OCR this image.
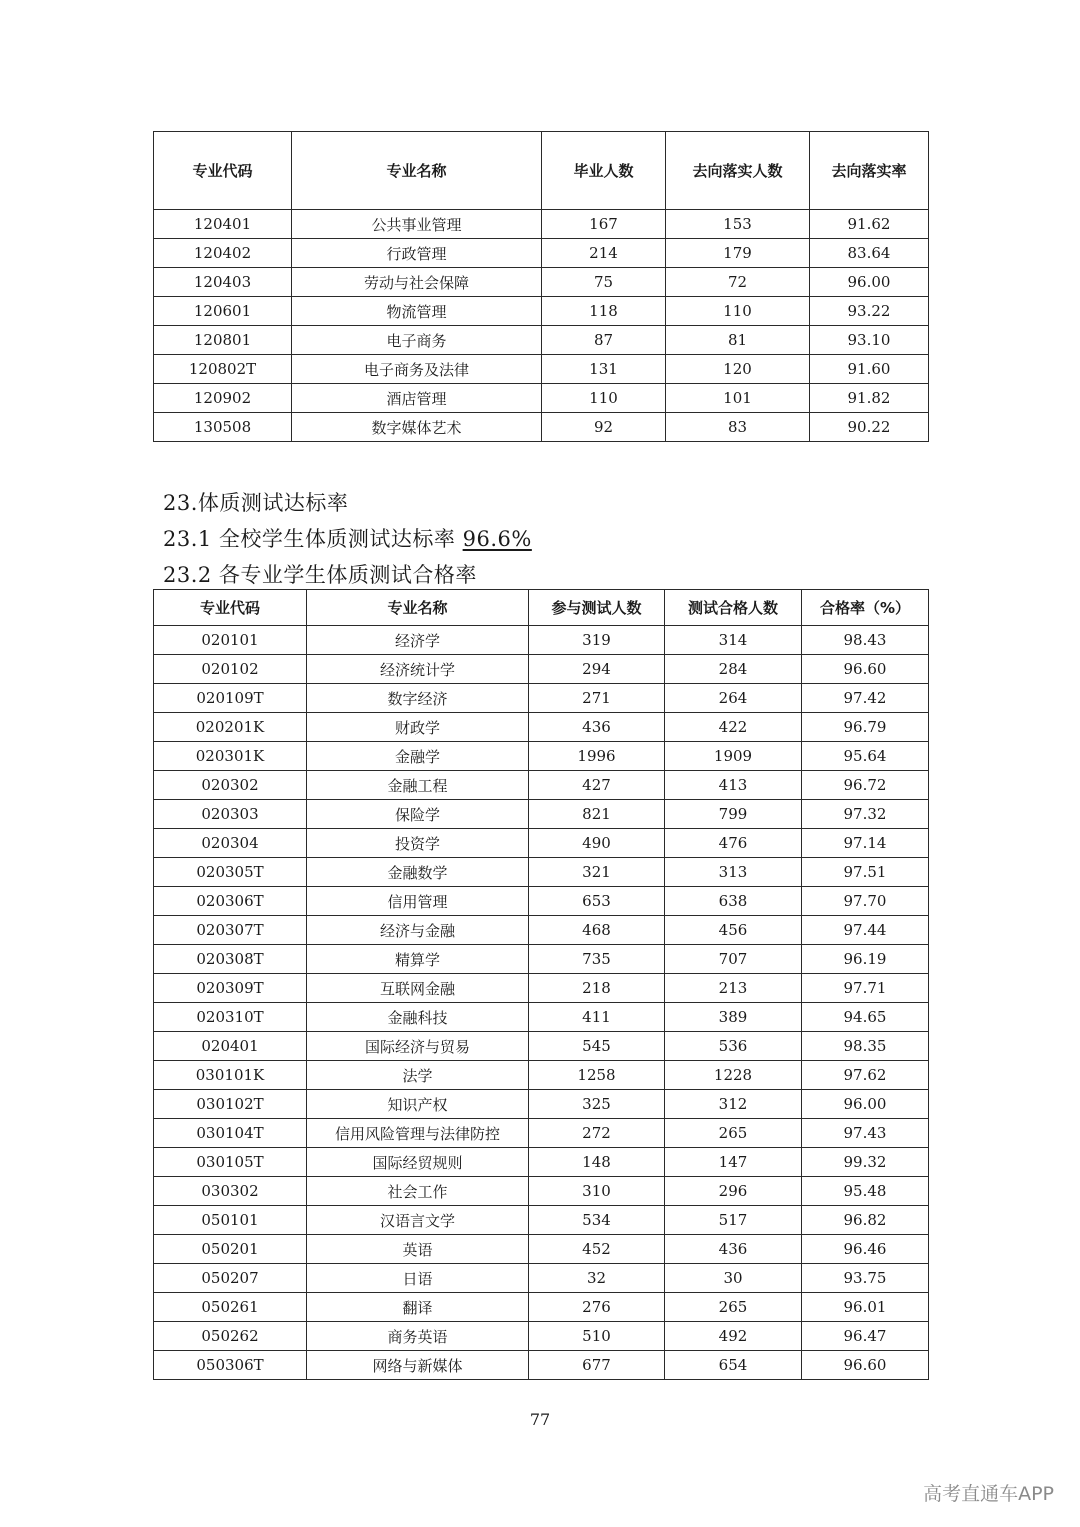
专业代码	专业名称	毕业人数	去向落实人数	去向落实率
120401	公共事业管理	167	153	91.62
120402	行政管理	214	179	83.64
120403	劳动与社会保障	75	72	96.00
120601	物流管理	118	110	93.22
120801	电子商务	87	81	93.10
120802T	电子商务及法律	131	120	91.60
120902	酒店管理	110	101	91.82
130508	数字媒体艺术	92	83	90.22
23.体质测试达标率
23.1 全校学生体质测试达标率 96.6%
23.2 各专业学生体质测试合格率
专业代码	专业名称	参与测试人数	测试合格人数	合格率（%）
020101	经济学	319	314	98.43
020102	经济统计学	294	284	96.60
020109T	数字经济	271	264	97.42
020201K	财政学	436	422	96.79
020301K	金融学	1996	1909	95.64
020302	金融工程	427	413	96.72
020303	保险学	821	799	97.32
020304	投资学	490	476	97.14
020305T	金融数学	321	313	97.51
020306T	信用管理	653	638	97.70
020307T	经济与金融	468	456	97.44
020308T	精算学	735	707	96.19
020309T	互联网金融	218	213	97.71
020310T	金融科技	411	389	94.65
020401	国际经济与贸易	545	536	98.35
030101K	法学	1258	1228	97.62
030102T	知识产权	325	312	96.00
030104T	信用风险管理与法律防控	272	265	97.43
030105T	国际经贸规则	148	147	99.32
030302	社会工作	310	296	95.48
050101	汉语言文学	534	517	96.82
050201	英语	452	436	96.46
050207	日语	32	30	93.75
050261	翻译	276	265	96.01
050262	商务英语	510	492	96.47
050306T	网络与新媒体	677	654	96.60
77
高考直通车APP
